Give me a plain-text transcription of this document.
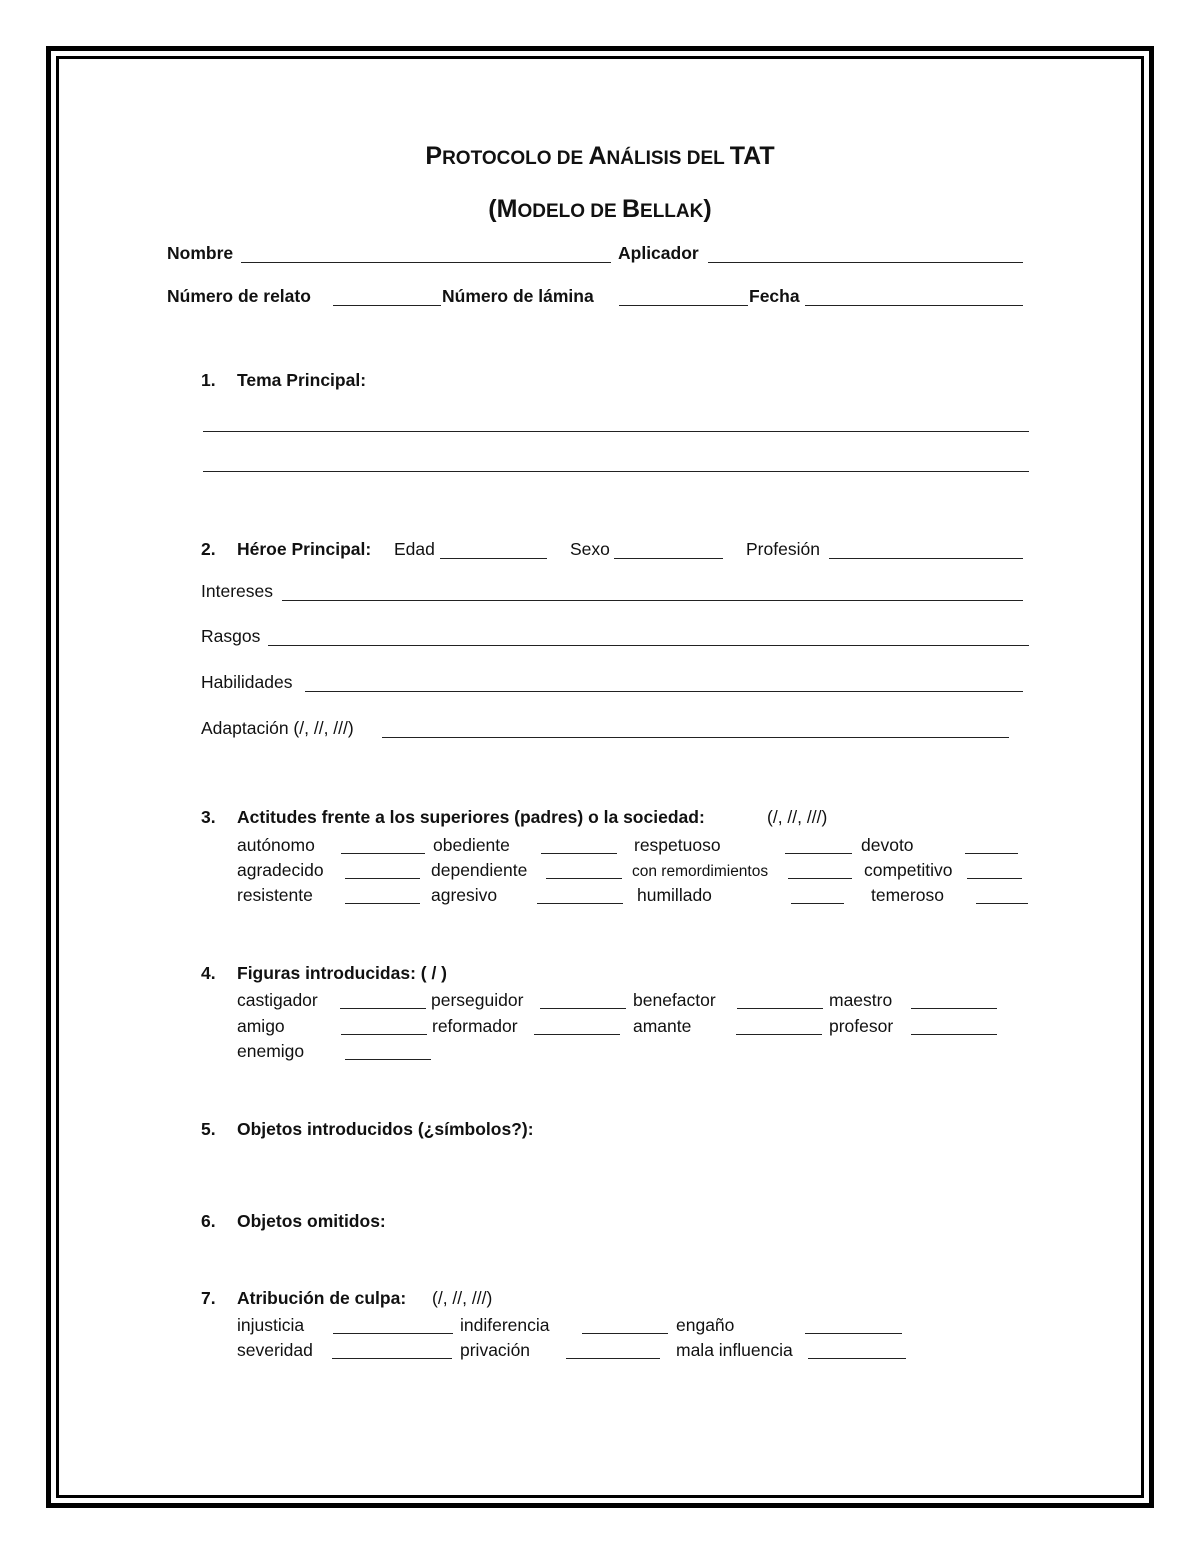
PROTOCOLO DE ANÁLISIS DEL TAT
(MODELO DE BELLAK)
Nombre	Aplicador
Número de relato	Número de lámina	Fecha
1. Tema Principal:
2. Héroe Principal: Edad	Sexo	Profesión
Intereses
Rasgos
Habilidades
Adaptación (/, //, ///)
3. Actitudes frente a los superiores (padres) o la sociedad:	(/, //, ///)
autónomo	obediente	respetuoso	devoto
agradecido	dependiente	con remordimientos	competitivo
resistente	agresivo	humillado	temeroso
4. Figuras introducidas: ( / )
castigador	perseguidor	benefactor	maestro
amigo	reformador	amante	profesor
enemigo
5. Objetos introducidos (¿símbolos?):
6. Objetos omitidos:
7. Atribución de culpa: (/, //, ///)
injusticia	indiferencia	engaño
severidad	privación	mala influencia
